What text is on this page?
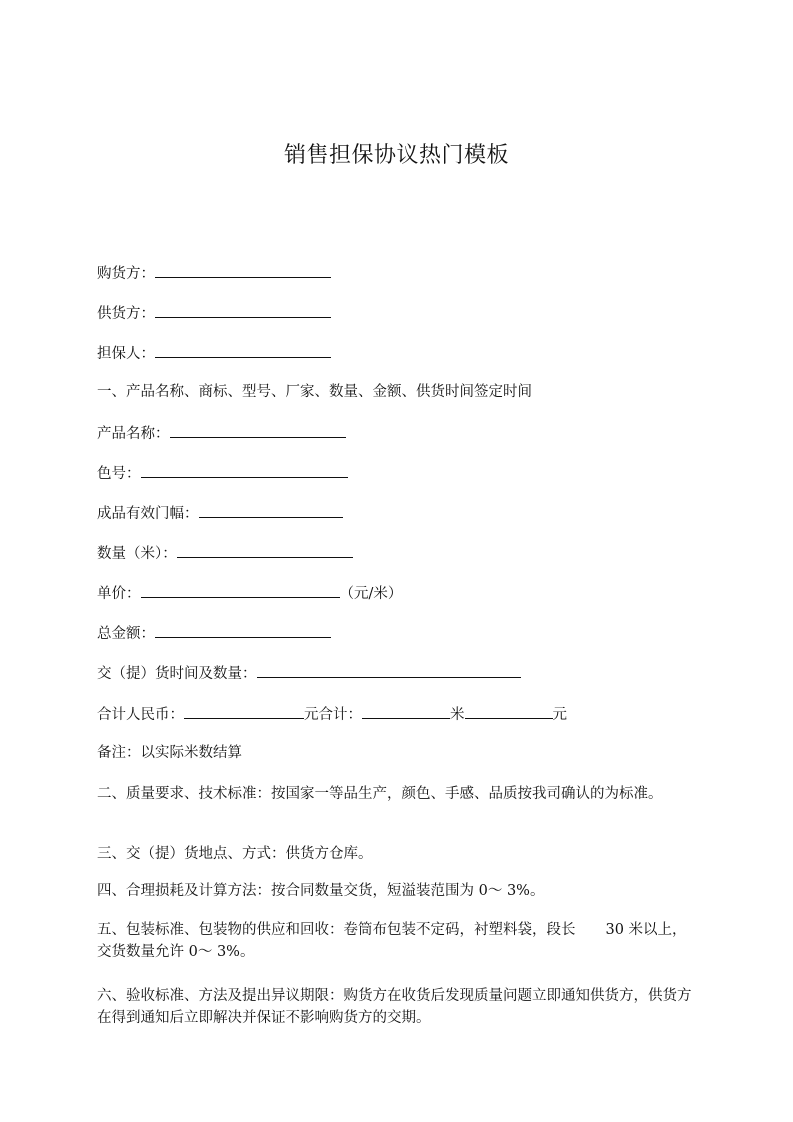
销售担保协议热门模板
购货方：
供货方：
担保人：
一、产品名称、商标、型号、厂家、数量、金额、供货时间签定时间
产品名称：
色号：
成品有效门幅：
数量（米）：
单价：	（元/米）
总金额：
交（提）货时间及数量：
合计人民币：	元合计：	米	元
备注：以实际米数结算
二、质量要求、技术标准：按国家一等品生产，颜色、手感、品质按我司确认的为标准。
三、交（提）货地点、方式：供货方仓库。
四、合理损耗及计算方法：按合同数量交货，短溢装范围为 0～ 3%。
五、包装标准、包装物的供应和回收：卷筒布包装不定码，衬塑料袋，段长 30 米以上，交货数量允许 0～ 3%。
六、验收标准、方法及提出异议期限：购货方在收货后发现质量问题立即通知供货方，供货方在得到通知后立即解决并保证不影响购货方的交期。
